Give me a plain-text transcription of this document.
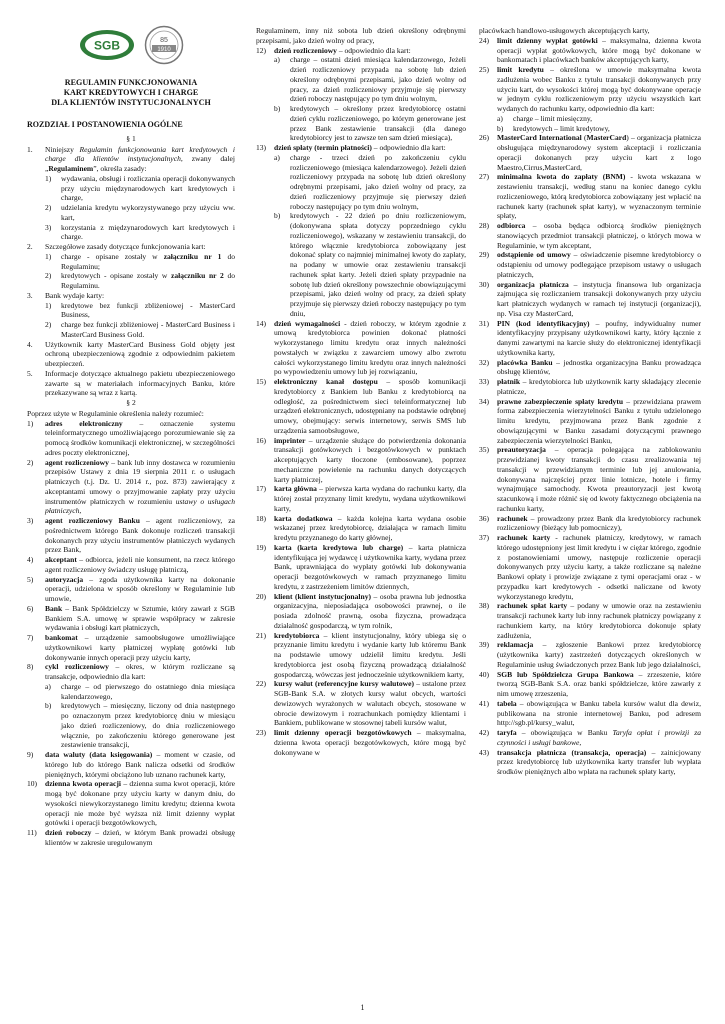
SGB	85
1910
REGULAMIN FUNKCJONOWANIA
KART KREDYTOWYCH I CHARGE
DLA KLIENTÓW INSTYTUCJONALNYCH
ROZDZIAŁ I POSTANOWIENIA OGÓLNE
§ 1
1.	Niniejszy Regulamin funkcjonowania kart kredytowych i charge dla klientów instytucjonalnych, zwany dalej „Regulaminem”, określa zasady:
1)	wydawania, obsługi i rozliczania operacji dokonywanych przy użyciu międzynarodowych kart kredytowych i charge,
2)	udzielania kredytu wykorzystywanego przy użyciu ww. kart,
3)	korzystania z międzynarodowych kart kredytowych i charge.
2.	Szczegółowe zasady dotyczące funkcjonowania kart:
1)	charge - opisane zostały w załączniku nr 1 do Regulaminu;
2)	kredytowych - opisane zostały w załączniku nr 2 do Regulaminu.
3.	Bank wydaje karty:
1)	kredytowe bez funkcji zbliżeniowej - MasterCard Business,
2)	charge bez funkcji zbliżeniowej - MasterCard Business i MasterCard Business Gold.
4.	Użytkownik karty MasterCard Business Gold objęty jest ochroną ubezpieczeniową zgodnie z odpowiednim pakietem ubezpieczeń.
5.	Informacje dotyczące aktualnego pakietu ubezpieczeniowego zawarte są w materiałach informacyjnych Banku, które przekazywane są wraz z kartą.
§ 2
Poprzez użyte w Regulaminie określenia należy rozumieć:
1)	adres elektroniczny – oznaczenie systemu teleinformatycznego umożliwiającego porozumiewanie się za pomocą środków komunikacji elektronicznej, w szczególności adres poczty elektronicznej,
2)	agent rozliczeniowy – bank lub inny dostawca w rozumieniu przepisów Ustawy z dnia 19 sierpnia 2011 r. o usługach płatniczych (t.j. Dz. U. 2014 r., poz. 873) zawierający z akceptantami umowy o przyjmowanie zapłaty przy użyciu instrumentów płatniczych w rozumieniu ustawy o usługach płatniczych,
3)	agent rozliczeniowy Banku – agent rozliczeniowy, za pośrednictwem którego Bank dokonuje rozliczeń transakcji dokonanych przy użyciu instrumentów płatniczych wydanych przez Bank,
4)	akceptant – odbiorca, jeżeli nie konsument, na rzecz którego agent rozliczeniowy świadczy usługę płatniczą,
5)	autoryzacja – zgoda użytkownika karty na dokonanie operacji, udzielona w sposób określony w Regulaminie lub umowie,
6)	Bank – Bank Spółdzielczy w Sztumie, który zawarł z SGB Bankiem S.A. umowę w sprawie współpracy w zakresie wydawania i obsługi kart płatniczych,
7)	bankomat – urządzenie samoobsługowe umożliwiające użytkownikowi karty płatniczej wypłatę gotówki lub dokonywanie innych operacji przy użyciu karty,
8)	cykl rozliczeniowy – okres, w którym rozliczane są transakcje, odpowiednio dla kart:
a)	charge – od pierwszego do ostatniego dnia miesiąca kalendarzowego,
b)	kredytowych – miesięczny, liczony od dnia następnego po oznaczonym przez kredytobiorcę dniu w miesiącu jako dzień rozliczeniowy, do dnia rozliczeniowego włącznie, po zakończeniu którego generowane jest zestawienie transakcji,
9)	data waluty (data księgowania) – moment w czasie, od którego lub do którego Bank nalicza odsetki od środków pieniężnych, którymi obciążono lub uznano rachunek karty,
10)	dzienna kwota operacji – dzienna suma kwot operacji, które mogą być dokonane przy użyciu karty w danym dniu, do wysokości niewykorzystanego limitu kredytu; dzienna kwota operacji nie może być wyższa niż limit dzienny wypłat gotówki i operacji bezgotówkowych,
11)	dzień roboczy – dzień, w którym Bank prowadzi obsługę klientów w zakresie uregulowanym
Regulaminem, inny niż sobota lub dzień określony odrębnymi przepisami, jako dzień wolny od pracy,
12)	dzień rozliczeniowy – odpowiednio dla kart:
a)	charge – ostatni dzień miesiąca kalendarzowego, Jeżeli dzień rozliczeniowy przypada na sobotę lub dzień określony odrębnymi przepisami, jako dzień wolny od pracy, za dzień rozliczeniowy przyjmuje się pierwszy dzień roboczy następujący po tym dniu wolnym,
b)	kredytowych – określony przez kredytobiorcę ostatni dzień cyklu rozliczeniowego, po którym generowane jest przez Bank zestawienie transakcji (dla danego kredytobiorcy jest to zawsze ten sam dzień miesiąca),
13)	dzień spłaty (termin płatności) – odpowiednio dla kart:
a)	charge - trzeci dzień po zakończeniu cyklu rozliczeniowego (miesiąca kalendarzowego). Jeżeli dzień rozliczeniowy przypada na sobotę lub dzień określony odrębnymi przepisami, jako dzień wolny od pracy, za dzień rozliczeniowy przyjmuje się pierwszy dzień roboczy następujący po tym dniu wolnym,
b)	kredytowych - 22 dzień po dniu rozliczeniowym, (dokonywana spłata dotyczy poprzedniego cyklu rozliczeniowego), wskazany w zestawieniu transakcji, do którego włącznie kredytobiorca zobowiązany jest dokonać spłaty co najmniej minimalnej kwoty do zapłaty, na podany w umowie oraz zestawieniu transakcji rachunek spłat karty. Jeżeli dzień spłaty przypadnie na sobotę lub dzień określony powszechnie obowiązującymi przepisami, jako dzień wolny od pracy, za dzień spłaty przyjmuje się pierwszy dzień roboczy następujący po tym dniu,
14)	dzień wymagalności - dzień roboczy, w którym zgodnie z umową kredytobiorca powinien dokonać płatności wykorzystanego limitu kredytu oraz innych należności powstałych w związku z zawarciem umowy albo zwrotu całości wykorzystanego limitu kredytu oraz innych należności po wypowiedzeniu umowy lub jej rozwiązaniu,
15)	elektroniczny kanał dostępu – sposób komunikacji kredytobiorcy z Bankiem lub Banku z kredytobiorcą na odległość, za pośrednictwem sieci teleinformatycznej lub urządzeń elektronicznych, udostępniany na podstawie odrębnej umowy, obejmujący: serwis internetowy, serwis SMS lub urządzenia samoobsługowe,
16)	imprinter – urządzenie służące do potwierdzenia dokonania transakcji gotówkowych i bezgotówkowych w punktach akceptujących karty tłoczone (embosowane), poprzez mechaniczne powielenie na rachunku danych dotyczących karty płatniczej,
17)	karta główna – pierwsza karta wydana do rachunku karty, dla której został przyznany limit kredytu, wydana użytkownikowi karty,
18)	karta dodatkowa – każda kolejna karta wydana osobie wskazanej przez kredytobiorcę, działająca w ramach limitu kredytu przyznanego do karty głównej,
19)	karta (karta kredytowa lub charge) – karta płatnicza identyfikująca jej wydawcę i użytkownika karty, wydana przez Bank, uprawniająca do wypłaty gotówki lub dokonywania operacji bezgotówkowych w ramach przyznanego limitu kredytu, z zastrzeżeniem limitów dziennych,
20)	klient (klient instytucjonalny) – osoba prawna lub jednostka organizacyjna, nieposiadająca osobowości prawnej, o ile posiada zdolność prawną, osoba fizyczna, prowadząca działalność gospodarczą, w tym rolnik,
21)	kredytobiorca – klient instytucjonalny, który ubiega się o przyznanie limitu kredytu i wydanie karty lub któremu Bank na podstawie umowy udzielił limitu kredytu. Jeśli kredytobiorca jest osobą fizyczną prowadzącą działalność gospodarczą, wówczas jest jednocześnie użytkownikiem karty,
22)	kursy walut (referencyjne kursy walutowe) – ustalone przez SGB-Bank S.A. w złotych kursy walut obcych, wartości dewizowych wyrażonych w walutach obcych, stosowane w obrocie dewizowym i rozrachunkach pomiędzy klientami i Bankiem, publikowane w stosownej tabeli kursów walut,
23)	limit dzienny operacji bezgotówkowych – maksymalna, dzienna kwota operacji bezgotówkowych, które mogą być dokonywane w
placówkach handlowo-usługowych akceptujących karty,
24)	limit dzienny wypłat gotówki – maksymalna, dzienna kwota operacji wypłat gotówkowych, które mogą być dokonane w bankomatach i placówkach banków akceptujących karty,
25)	limit kredytu – określona w umowie maksymalna kwota zadłużenia wobec Banku z tytułu transakcji dokonywanych przy użyciu kart, do wysokości której mogą być dokonywane operacje w jednym cyklu rozliczeniowym przy użyciu wszystkich kart wydanych do rachunku karty, odpowiednio dla kart:
a)	charge – limit miesięczny,
b)	kredytowych – limit kredytowy,
26)	MasterCard International (MasterCard) – organizacja płatnicza obsługująca międzynarodowy system akceptacji i rozliczania operacji dokonanych przy użyciu kart z logo Maestro,Cirrus,MasterCard,
27)	minimalna kwota do zapłaty (BNM) - kwota wskazana w zestawieniu transakcji, według stanu na koniec danego cyklu rozliczeniowego, którą kredytobiorca zobowiązany jest wpłacić na rachunek karty (rachunek spłat karty), w wyznaczonym terminie spłaty,
28)	odbiorca – osoba będąca odbiorcą środków pieniężnych stanowiących przedmiot transakcji płatniczej, o których mowa w Regulaminie, w tym akceptant,
29)	odstąpienie od umowy – oświadczenie pisemne kredytobiorcy o odstąpieniu od umowy podlegające przepisom ustawy o usługach płatniczych,
30)	organizacja płatnicza – instytucja finansowa lub organizacja zajmująca się rozliczaniem transakcji dokonywanych przy użyciu kart płatniczych wydanych w ramach tej instytucji (organizacji), np. Visa czy MasterCard,
31)	PIN (kod identyfikacyjny) – poufny, indywidualny numer identyfikacyjny przypisany użytkownikowi karty, który łącznie z danymi zawartymi na karcie służy do elektronicznej identyfikacji użytkownika karty,
32)	placówka Banku – jednostka organizacyjna Banku prowadząca obsługę klientów,
33)	płatnik – kredytobiorca lub użytkownik karty składający zlecenie płatnicze,
34)	prawne zabezpieczenie spłaty kredytu – przewidziana prawem forma zabezpieczenia wierzytelności Banku z tytułu udzielonego limitu kredytu, przyjmowana przez Bank zgodnie z obowiązującymi w Banku zasadami dotyczącymi prawnego zabezpieczenia wierzytelności Banku,
35)	preautoryzacja – operacja polegająca na zablokowaniu przewidzianej kwoty transakcji do czasu zrealizowania tej transakcji w przewidzianym terminie lub jej anulowania, dokonywana najczęściej przez linie lotnicze, hotele i firmy wynajmujące samochody. Kwota preautoryzacji jest kwotą szacunkową i może różnić się od kwoty faktycznego obciążenia na rachunku karty,
36)	rachunek – prowadzony przez Bank dla kredytobiorcy rachunek rozliczeniowy (bieżący lub pomocniczy),
37)	rachunek karty - rachunek płatniczy, kredytowy, w ramach którego udostępniony jest limit kredytu i w ciężar którego, zgodnie z postanowieniami umowy, następuje rozliczenie operacji dokonywanych przy użyciu karty, a także rozliczane są należne Bankowi opłaty i prowizje związane z tymi operacjami oraz - w przypadku kart kredytowych - odsetki naliczane od kwoty wykorzystanego kredytu,
38)	rachunek spłat karty – podany w umowie oraz na zestawieniu transakcji rachunek karty lub inny rachunek płatniczy powiązany z rachunkiem karty, na który kredytobiorca dokonuje spłaty zadłużenia,
39)	reklamacja – zgłoszenie Bankowi przez kredytobiorcę (użytkownika karty) zastrzeżeń dotyczących określonych w Regulaminie usług świadczonych przez Bank lub jego działalności,
40)	SGB lub Spółdzielcza Grupa Bankowa – zrzeszenie, które tworzą SGB-Bank S.A. oraz banki spółdzielcze, które zawarły z nim umowę zrzeszenia,
41)	tabela – obowiązująca w Banku tabela kursów walut dla dewiz, publikowana na stronie internetowej Banku, pod adresem http://sgb.pl/kursy_walut,
42)	taryfa – obowiązująca w Banku Taryfa opłat i prowizji za czynności i usługi bankowe,
43)	transakcja płatnicza (transakcja, operacja) – zainicjowany przez kredytobiorcę lub użytkownika karty transfer lub wypłata środków pieniężnych albo wpłata na rachunek spłaty karty,
1
